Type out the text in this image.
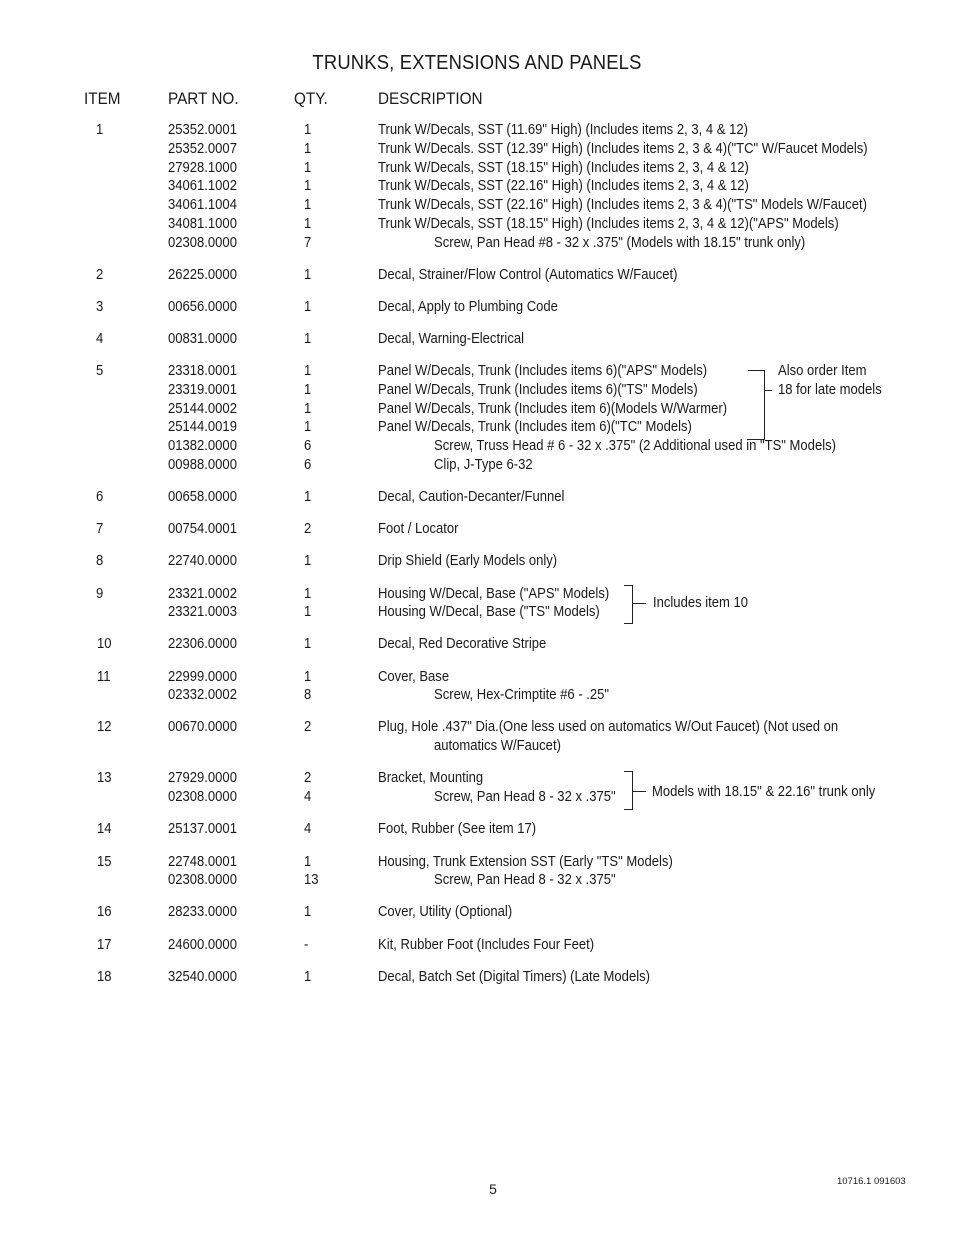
TRUNKS, EXTENSIONS AND PANELS
ITEM	PART NO.	QTY.	DESCRIPTION
1	25352.0001	1	Trunk W/Decals, SST (11.69" High) (Includes items 2, 3, 4 & 12)
25352.0007	1	Trunk W/Decals. SST (12.39" High) (Includes items 2, 3 & 4)("TC" W/Faucet Models)
27928.1000	1	Trunk W/Decals, SST (18.15" High) (Includes items 2, 3, 4 & 12)
34061.1002	1	Trunk W/Decals, SST (22.16" High) (Includes items 2, 3, 4 & 12)
34061.1004	1	Trunk W/Decals, SST (22.16" High) (Includes items 2, 3 & 4)("TS" Models W/Faucet)
34081.1000	1	Trunk W/Decals, SST (18.15" High) (Includes items 2, 3, 4 & 12)("APS" Models)
02308.0000	7	Screw, Pan Head #8 - 32 x .375" (Models with 18.15" trunk only)
2	26225.0000	1	Decal, Strainer/Flow Control (Automatics W/Faucet)
3	00656.0000	1	Decal, Apply to Plumbing Code
4	00831.0000	1	Decal, Warning-Electrical
5	23318.0001	1	Panel W/Decals, Trunk (Includes items 6)("APS" Models)
23319.0001	1	Panel W/Decals, Trunk (Includes items 6)("TS" Models)
25144.0002	1	Panel W/Decals, Trunk (Includes item 6)(Models W/Warmer)
25144.0019	1	Panel W/Decals, Trunk (Includes item 6)("TC" Models)
01382.0000	6	Screw, Truss Head # 6 - 32 x .375" (2 Additional used in "TS" Models)
00988.0000	6	Clip, J-Type 6-32
6	00658.0000	1	Decal, Caution-Decanter/Funnel
7	00754.0001	2	Foot / Locator
8	22740.0000	1	Drip Shield (Early Models only)
9	23321.0002	1	Housing W/Decal, Base ("APS" Models)
23321.0003	1	Housing W/Decal, Base ("TS" Models)
10	22306.0000	1	Decal, Red Decorative Stripe
11	22999.0000	1	Cover, Base
02332.0002	8	Screw, Hex-Crimptite #6 - .25"
12	00670.0000	2	Plug, Hole .437" Dia.(One less used on automatics W/Out Faucet) (Not used on
automatics W/Faucet)
13	27929.0000	2	Bracket, Mounting
02308.0000	4	Screw, Pan Head 8 - 32 x .375"
14	25137.0001	4	Foot, Rubber (See item 17)
15	22748.0001	1	Housing, Trunk Extension SST (Early "TS" Models)
02308.0000	13	Screw, Pan Head 8 - 32 x .375"
16	28233.0000	1	Cover, Utility (Optional)
17	24600.0000	-	Kit, Rubber Foot (Includes Four Feet)
18	32540.0000	1	Decal, Batch Set (Digital Timers) (Late Models)
Also order Item
18 for late models
Includes item 10
Models with 18.15" & 22.16" trunk only
5	10716.1 091603
